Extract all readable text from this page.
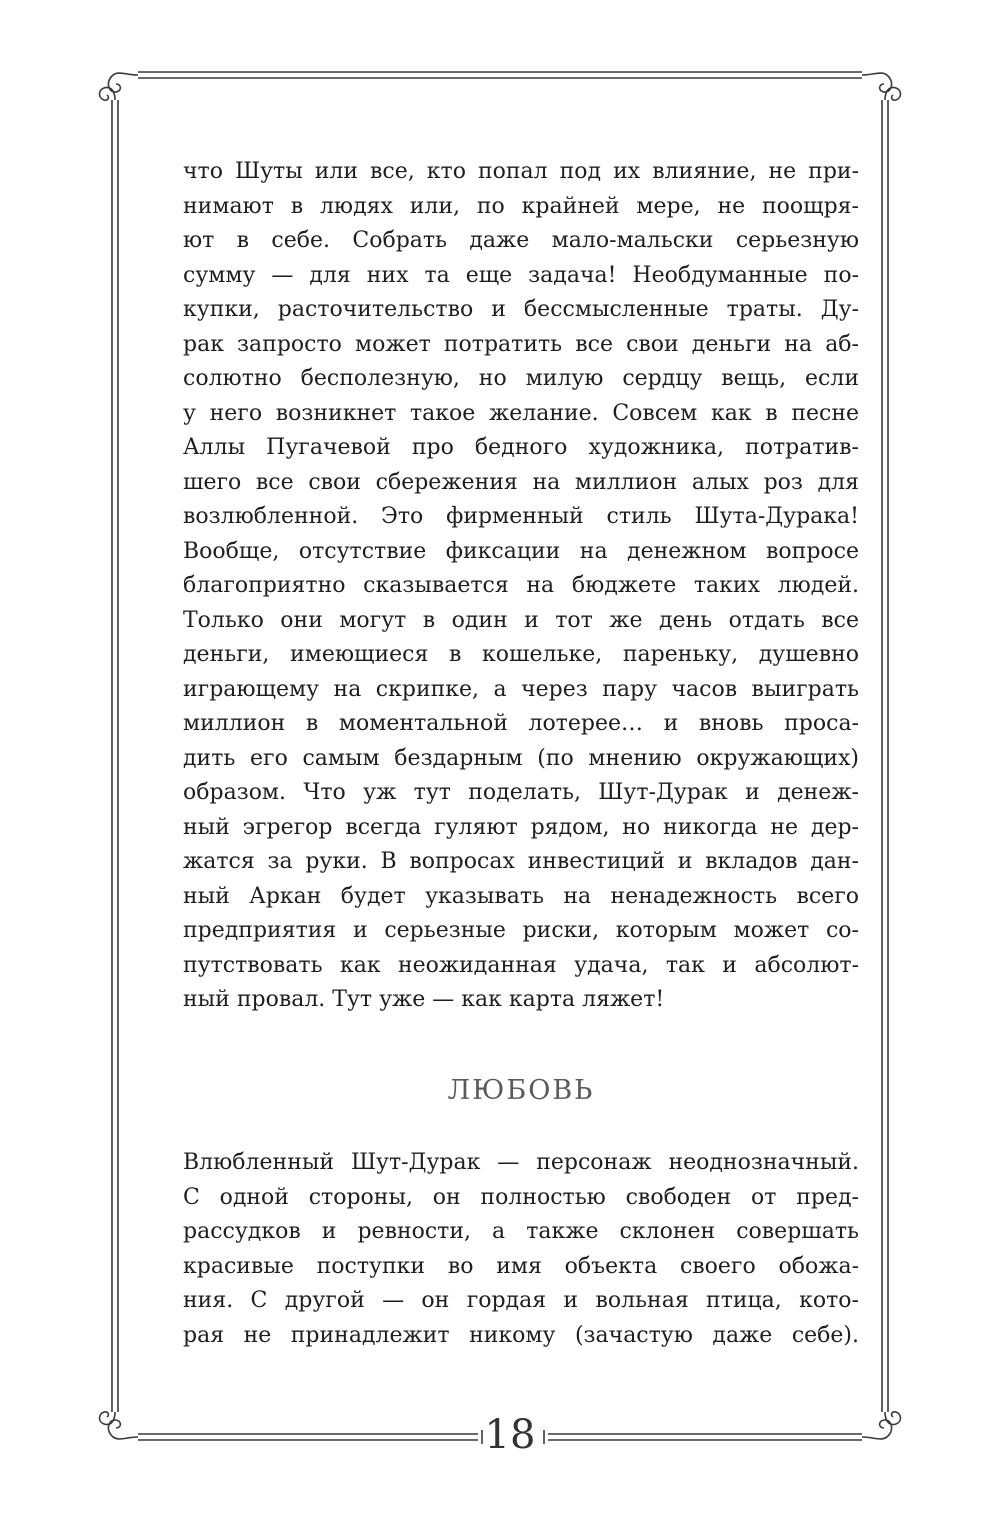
что Шуты или все, кто попал под их влияние, не при-
нимают в людях или, по крайней мере, не поощря-
ют в себе. Собрать даже мало-мальски серьезную
сумму — для них та еще задача! Необдуманные по-
купки, расточительство и бессмысленные траты. Ду-
рак запросто может потратить все свои деньги на аб-
солютно бесполезную, но милую сердцу вещь, если
у него возникнет такое желание. Совсем как в песне
Аллы Пугачевой про бедного художника, потратив-
шего все свои сбережения на миллион алых роз для
возлюбленной. Это фирменный стиль Шута-Дурака!
Вообще, отсутствие фиксации на денежном вопросе
благоприятно сказывается на бюджете таких людей.
Только они могут в один и тот же день отдать все
деньги, имеющиеся в кошельке, пареньку, душевно
играющему на скрипке, а через пару часов выиграть
миллион в моментальной лотерее… и вновь проса-
дить его самым бездарным (по мнению окружающих)
образом. Что уж тут поделать, Шут-Дурак и денеж-
ный эгрегор всегда гуляют рядом, но никогда не дер-
жатся за руки. В вопросах инвестиций и вкладов дан-
ный Аркан будет указывать на ненадежность всего
предприятия и серьезные риски, которым может со-
путствовать как неожиданная удача, так и абсолют-
ный провал. Тут уже — как карта ляжет!
ЛЮБОВЬ
Влюбленный Шут-Дурак — персонаж неоднозначный.
С одной стороны, он полностью свободен от пред-
рассудков и ревности, а также склонен совершать
красивые поступки во имя объекта своего обожа-
ния. С другой — он гордая и вольная птица, кото-
рая не принадлежит никому (зачастую даже себе).
18
